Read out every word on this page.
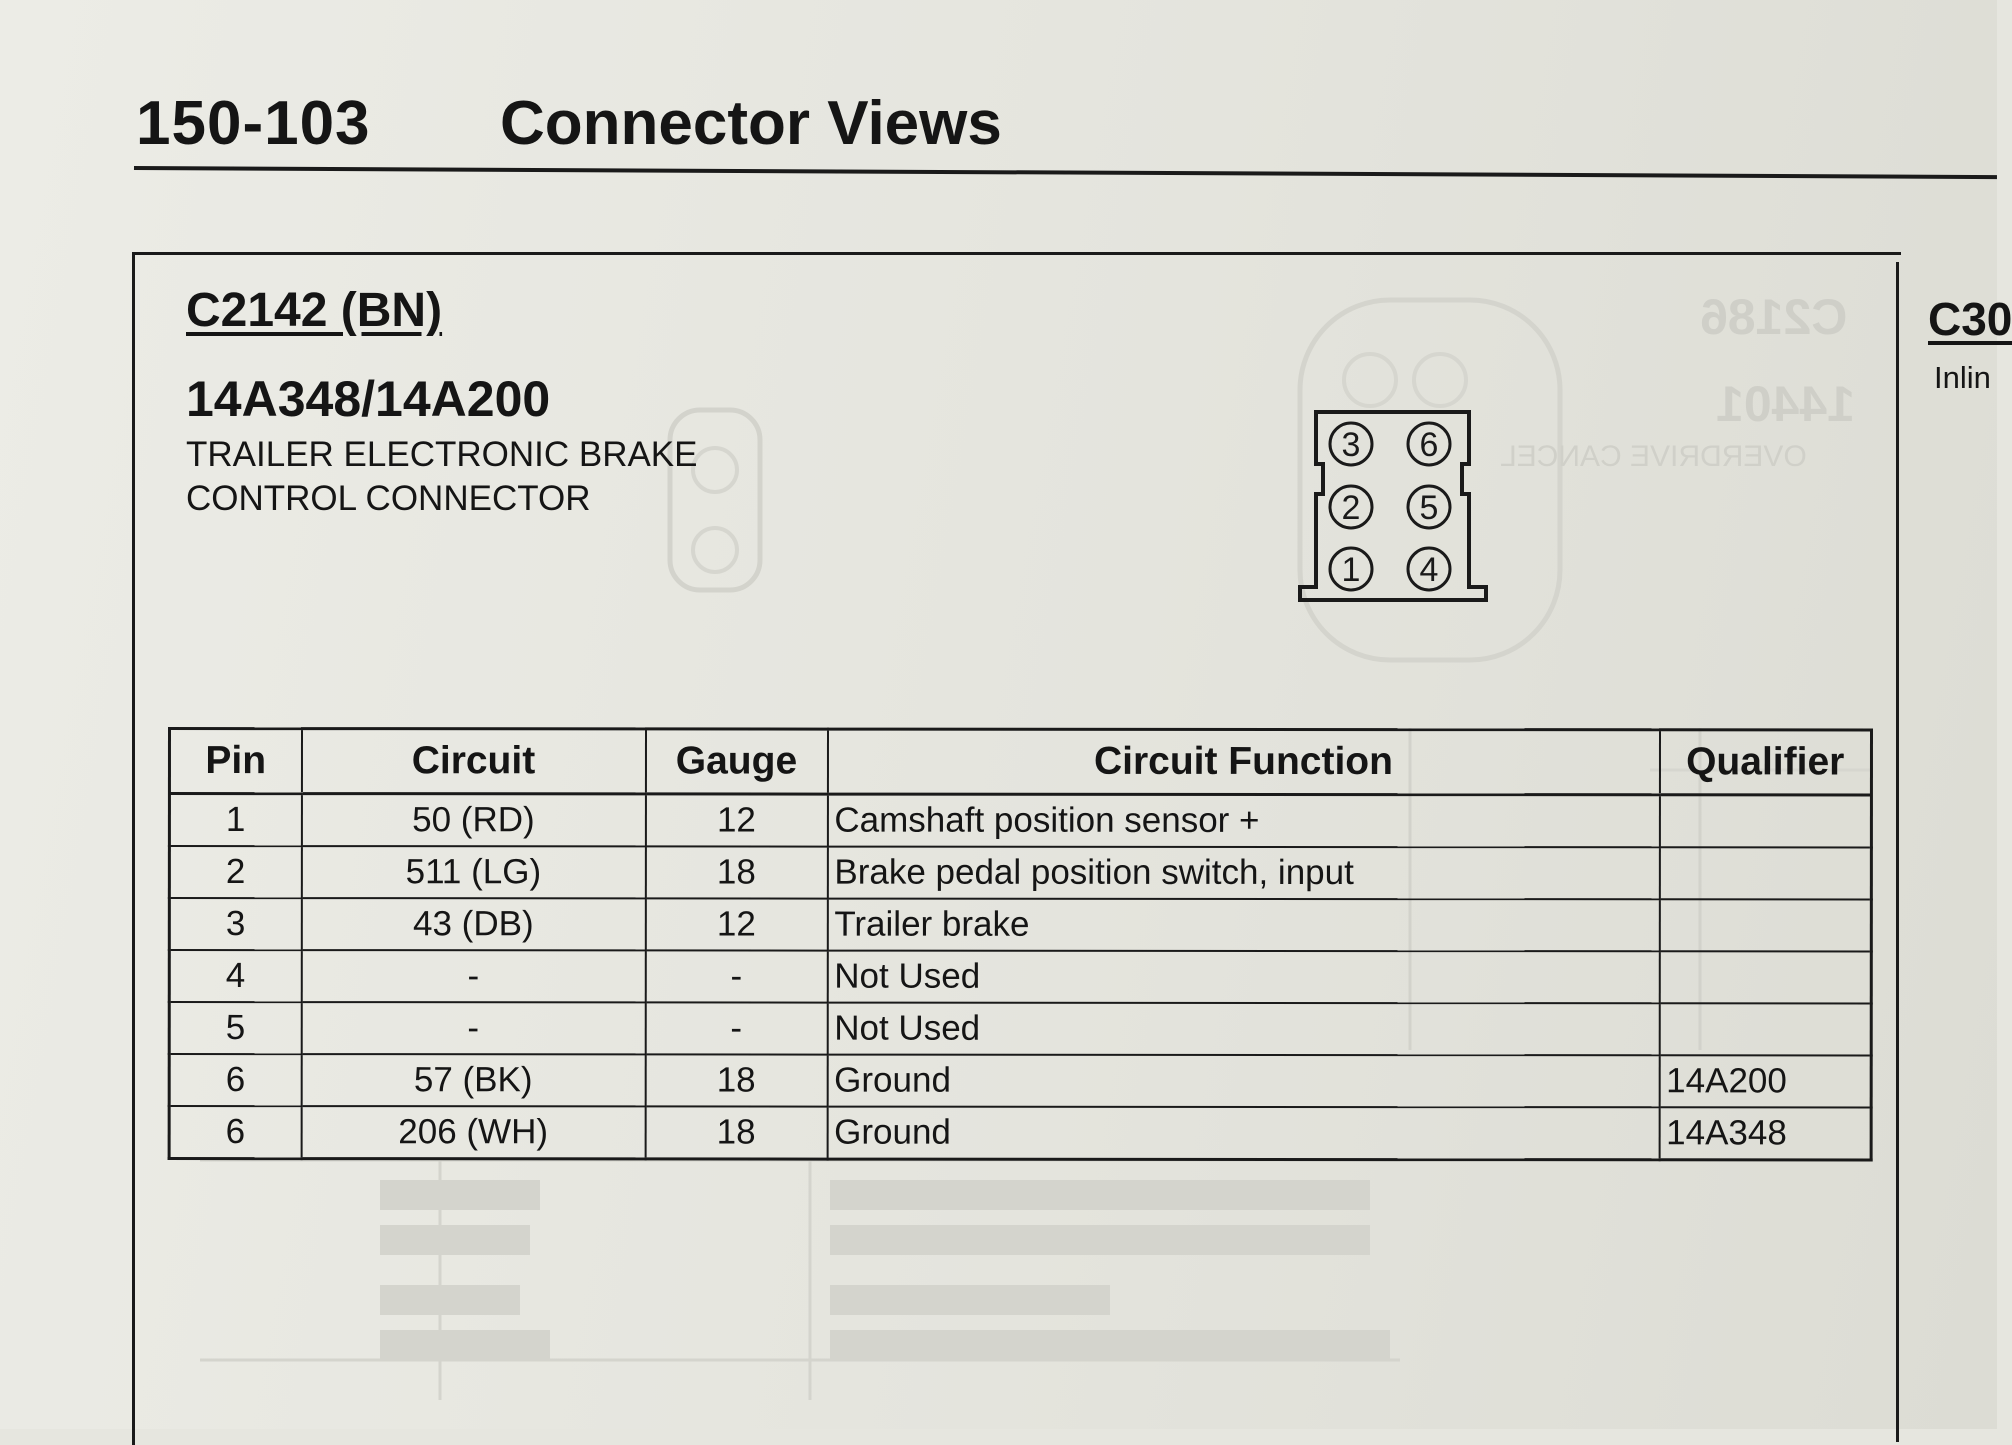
C2186
14401
OVERDRIVE CANCEL
150-103 Connector Views
C2142 (BN)
14A348/14A200
TRAILER ELECTRONIC BRAKE
CONTROL CONNECTOR
C30
Inlin
3 6
2 5
1 4
Pin	Circuit	Gauge	Circuit Function	Qualifier
1	50 (RD)	12	Camshaft position sensor +	
2	511 (LG)	18	Brake pedal position switch, input	
3	43 (DB)	12	Trailer brake	
4	-	-	Not Used	
5	-	-	Not Used	
6	57 (BK)	18	Ground	14A200
6	206 (WH)	18	Ground	14A348
